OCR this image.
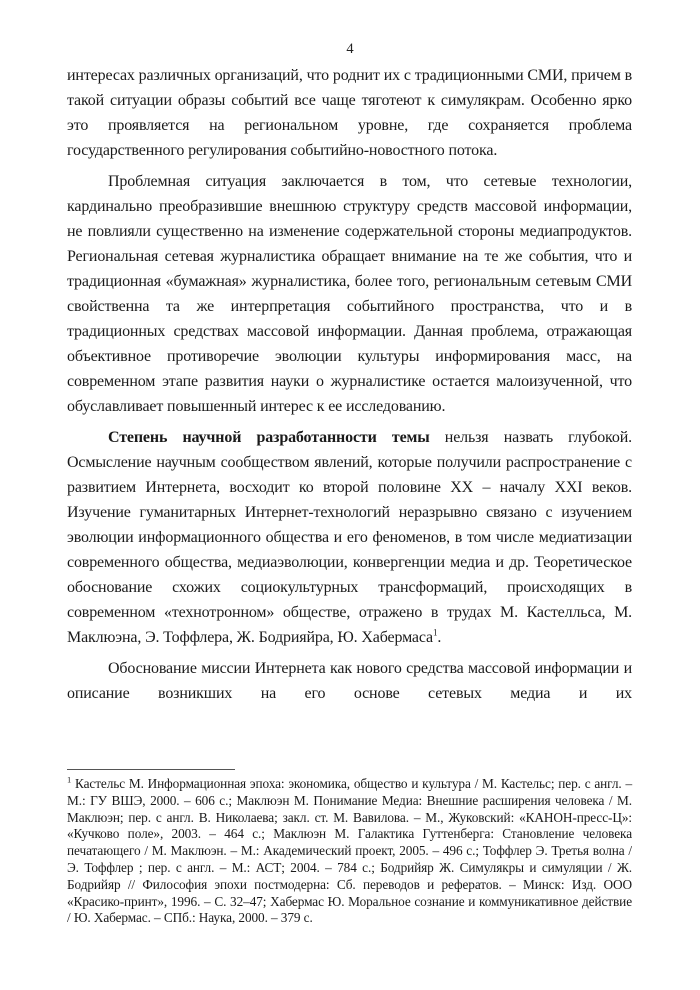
4

интересах различных организаций, что роднит их с традиционными СМИ, причем в такой ситуации образы событий все чаще тяготеют к симулякрам. Особенно ярко это проявляется на региональном уровне, где сохраняется проблема государственного регулирования событийно-новостного потока.

Проблемная ситуация заключается в том, что сетевые технологии, кардинально преобразившие внешнюю структуру средств массовой информации, не повлияли существенно на изменение содержательной стороны медиапродуктов. Региональная сетевая журналистика обращает внимание на те же события, что и традиционная «бумажная» журналистика, более того, региональным сетевым СМИ свойственна та же интерпретация событийного пространства, что и в традиционных средствах массовой информации. Данная проблема, отражающая объективное противоречие эволюции культуры информирования масс, на современном этапе развития науки о журналистике остается малоизученной, что обуславливает повышенный интерес к ее исследованию.

Степень научной разработанности темы нельзя назвать глубокой. Осмысление научным сообществом явлений, которые получили распространение с развитием Интернета, восходит ко второй половине XX – началу XXI веков. Изучение гуманитарных Интернет-технологий неразрывно связано с изучением эволюции информационного общества и его феноменов, в том числе медиатизации современного общества, медиаэволюции, конвергенции медиа и др. Теоретическое обоснование схожих социокультурных трансформаций, происходящих в современном «технотронном» обществе, отражено в трудах М. Кастелльса, М. Маклюэна, Э. Тоффлера, Ж. Бодрияйра, Ю. Хабермаса$^1$.

Обоснование миссии Интернета как нового средства массовой информации и описание возникших на его основе сетевых медиа и их

$^1$ Кастельс М. Информационная эпоха: экономика, общество и культура / М. Кастельс; пер. с англ. – М.: ГУ ВШЭ, 2000. – 606 с.; Маклюэн М. Понимание Медиа: Внешние расширения человека / М. Маклюэн; пер. с англ. В. Николаева; закл. ст. М. Вавилова. – М., Жуковский: «КАНОН-пресс-Ц»: «Кучково поле», 2003. – 464 с.; Маклюэн М. Галактика Гуттенберга: Становление человека печатающего / М. Маклюэн. – М.: Академический проект, 2005. – 496 с.; Тоффлер Э. Третья волна / Э. Тоффлер ; пер. с англ. – М.: АСТ; 2004. – 784 с.; Бодрийяр Ж. Симулякры и симуляции / Ж. Бодрийяр // Философия эпохи постмодерна: Сб. переводов и рефератов. – Минск: Изд. ООО «Красико-принт», 1996. – С. 32–47; Хабермас Ю. Моральное сознание и коммуникативное действие / Ю. Хабермас. – СПб.: Наука, 2000. – 379 с.
